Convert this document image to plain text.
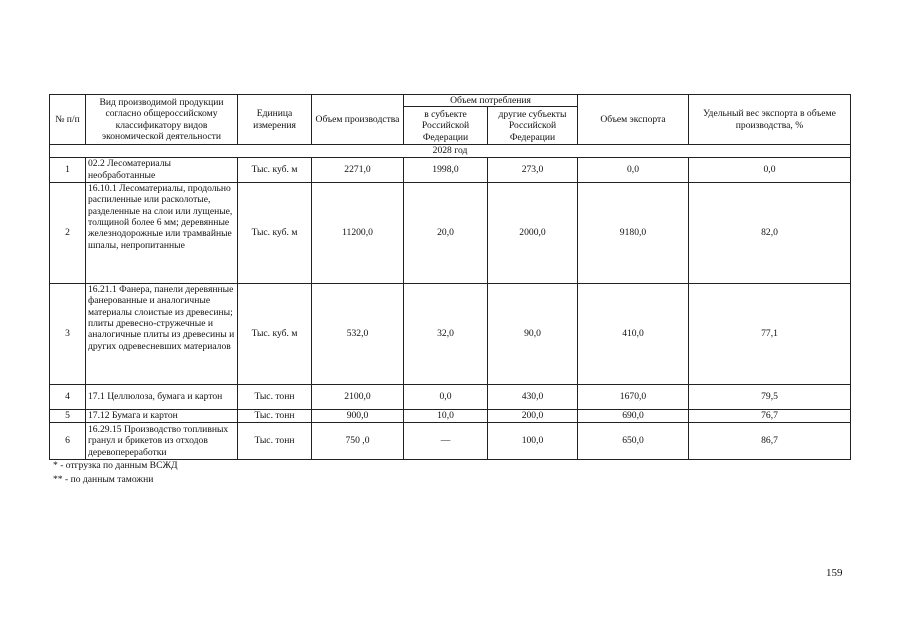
№ п/п	Вид производимой продукции согласно общероссийскому классификатору видов экономической деятельности	Единица измерения	Объем производства	Объем потребления		Объем экспорта	Удельный вес экспорта в объеме производства, %
				в субъекте Российской Федерации	другие субъекты Российской Федерации		
2028 год							
1	02.2 Лесоматериалы необработанные	Тыс. куб. м	2271,0	1998,0	273,0	0,0	0,0
2	16.10.1 Лесоматериалы, продольно распиленные или расколотые, разделенные на слои или лущеные, толщиной более 6 мм; деревянные железнодорожные или трамвайные шпалы, непропитанные	Тыс. куб. м	11200,0	20,0	2000,0	9180,0	82,0
3	16.21.1 Фанера, панели деревянные фанерованные и аналогичные материалы слоистые из древесины; плиты древесно-стружечные и аналогичные плиты из древесины и других одревесневших материалов	Тыс. куб. м	532,0	32,0	90,0	410,0	77,1
4	17.1 Целлюлоза, бумага и картон	Тыс. тонн	2100,0	0,0	430,0	1670,0	79,5
5	17.12 Бумага и картон	Тыс. тонн	900,0	10,0	200,0	690,0	76,7
6	16.29.15 Производство топливных гранул и брикетов из отходов деревопереработки	Тыс. тонн	750 ,0	—	100,0	650,0	86,7
* - отгрузка по данным ВСЖД
** - по данным таможни
159
